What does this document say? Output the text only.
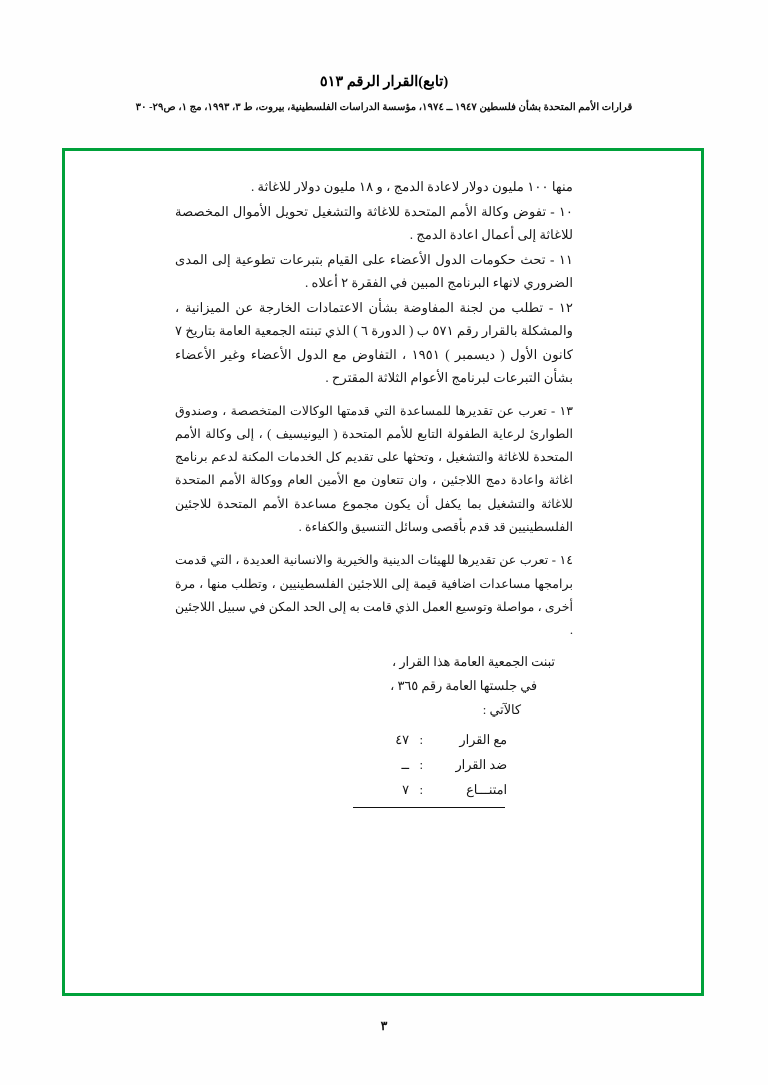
(تابع)القرار الرقم ٥١٣
قرارات الأمم المتحدة بشأن فلسطين ١٩٤٧ ــ ١٩٧٤، مؤسسة الدراسات الفلسطينية، بيروت، ط ٣، ١٩٩٣، مج ١، ص٢٩- ٣٠

منها ١٠٠ مليون دولار لاعادة الدمج ، و ١٨ مليون دولار للاغاثة .

١٠ - تفوض وكالة الأمم المتحدة للاغاثة والتشغيل تحويل الأموال المخصصة للاغاثة إلى أعمال اعادة الدمج .

١١ - تحث حكومات الدول الأعضاء على القيام بتبرعات تطوعية إلى المدى الضروري لانهاء البرنامج المبين في الفقرة ٢ أعلاه .

١٢ - تطلب من لجنة المفاوضة بشأن الاعتمادات الخارجة عن الميزانية ، والمشكلة بالقرار رقم ٥٧١ ب ( الدورة ٦ ) الذي تبنته الجمعية العامة بتاريخ ٧ كانون الأول ( ديسمبر ) ١٩٥١ ، التفاوض مع الدول الأعضاء وغير الأعضاء بشأن التبرعات لبرنامج الأعوام الثلاثة المقترح .

١٣ - تعرب عن تقديرها للمساعدة التي قدمتها الوكالات المتخصصة ، وصندوق الطوارئ لرعاية الطفولة التابع للأمم المتحدة ( اليونيسيف ) ، إلى وكالة الأمم المتحدة للاغاثة والتشغيل ، وتحثها على تقديم كل الخدمات المكنة لدعم برنامج اغاثة واعادة دمج اللاجئين ، وان تتعاون مع الأمين العام ووكالة الأمم المتحدة للاغاثة والتشغيل بما يكفل أن يكون مجموع مساعدة الأمم المتحدة للاجئين الفلسطينيين قد قدم بأقصى وسائل التنسيق والكفاءة .

١٤ - تعرب عن تقديرها للهيئات الدينية والخيرية والانسانية العديدة ، التي قدمت برامجها مساعدات اضافية قيمة إلى اللاجئين الفلسطينيين ، وتطلب منها ، مرة أخرى ، مواصلة وتوسيع العمل الذي قامت به إلى الحد المكن في سبيل اللاجئين .

تبنت الجمعية العامة هذا القرار ،
في جلستها العامة رقم ٣٦٥ ،
كالآتي :
مع القرار
:
٤٧
ضد القرار
:
ــ
امتنـــاع
:
٧
٣
